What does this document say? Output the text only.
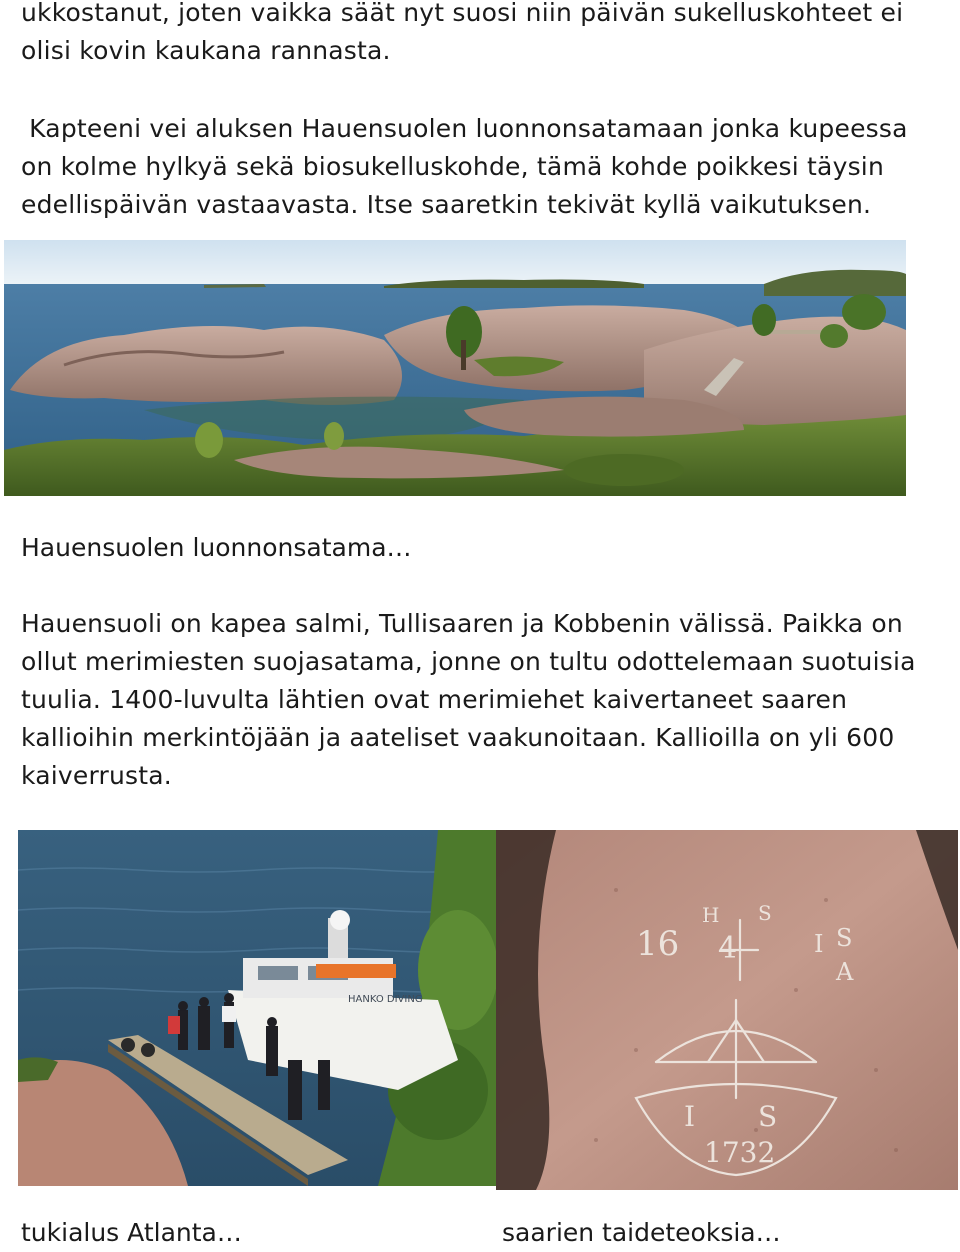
ukkostanut, joten vaikka säät nyt suosi niin päivän sukelluskohteet ei
olisi kovin kaukana rannasta.
Kapteeni vei aluksen Hauensuolen luonnonsatamaan jonka kupeessa
on kolme hylkyä sekä biosukelluskohde, tämä kohde poikkesi täysin
edellispäivän vastaavasta. Itse saaretkin tekivät kyllä vaikutuksen.
Hauensuolen luonnonsatama…
Hauensuoli on kapea salmi, Tullisaaren ja Kobbenin välissä. Paikka on
ollut merimiesten suojasatama, jonne on tultu odottelemaan suotuisia
tuulia. 1400-luvulta lähtien ovat merimiehet kaivertaneet saaren
kallioihin merkintöjään ja aateliset vaakunoitaan. Kallioilla on yli 600
kaiverrusta.
HANKO DIVING
16
H S
4	I S
A
I S
1732
tukialus Atlanta…	saarien taideteoksia…
